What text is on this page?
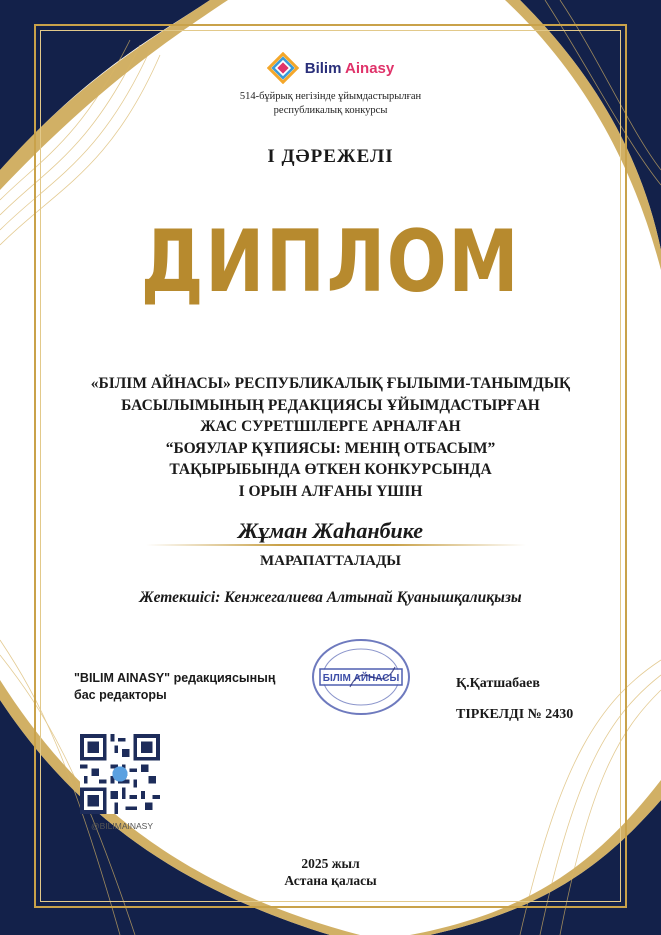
Bilim Ainasy
514-бұйрық негізінде ұйымдастырылған
республикалық конкурсы
І ДӘРЕЖЕЛІ
ДИПЛОМ
«БІЛІМ АЙНАСЫ» РЕСПУБЛИКАЛЫҚ ҒЫЛЫМИ-ТАНЫМДЫҚ
БАСЫЛЫМЫНЫҢ РЕДАКЦИЯСЫ ҰЙЫМДАСТЫРҒАН
ЖАС СУРЕТШІЛЕРГЕ АРНАЛҒАН
“БОЯУЛАР ҚҰПИЯСЫ: МЕНІҢ ОТБАСЫМ”
ТАҚЫРЫБЫНДА ӨТКЕН КОНКУРСЫНДА
І ОРЫН АЛҒАНЫ ҮШІН
Жұман Жаһанбике
МАРАПАТТАЛАДЫ
Жетекшісі: Кенжегалиева Алтынай Қуанышқалиқызы
"BILIM AINASY" редакциясының
бас редакторы
БІЛІМ АЙНАСЫ	Қ.Қатшабаев
ТІРКЕЛДІ № 2430
@BILIMAINASY
2025 жыл
Астана қаласы
